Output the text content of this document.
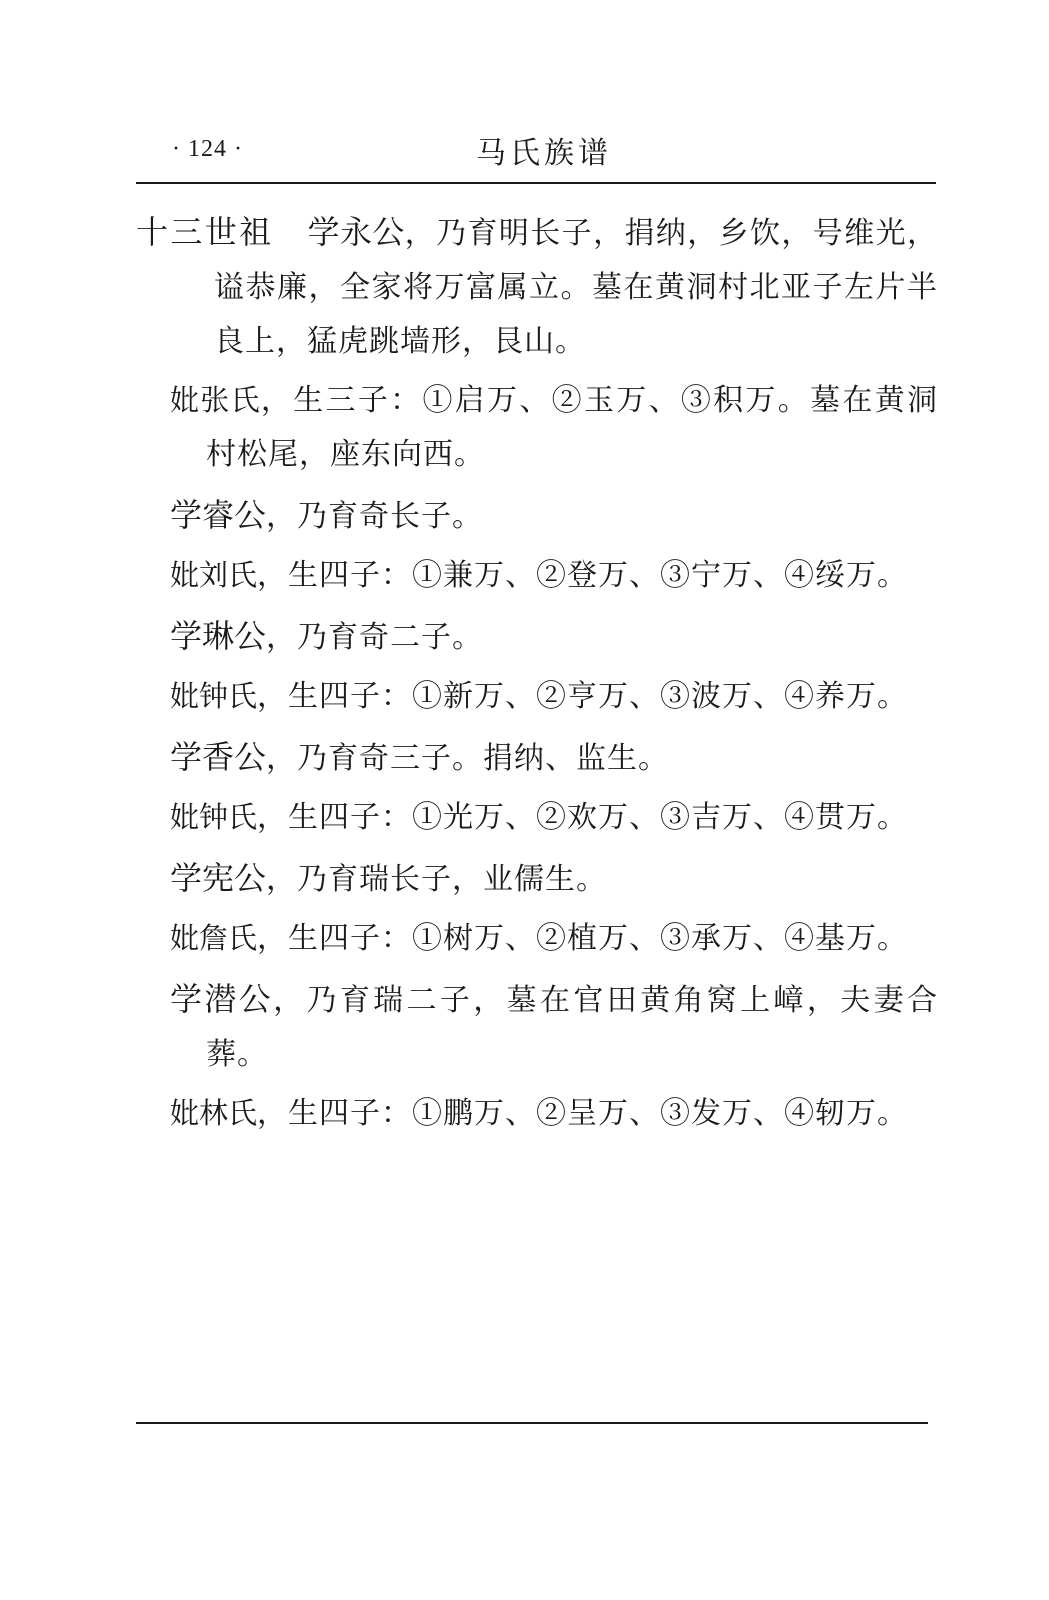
· 124 ·	马氏族谱

十三世祖 学永公，乃育明长子，捐纳，乡饮，号维光，谥恭廉，全家将万富属立。墓在黄洞村北亚子左片半良上，猛虎跳墙形，艮山。

妣张氏，生三子：①启万、②玉万、③积万。墓在黄洞村松尾，座东向西。

学睿公，乃育奇长子。

妣刘氏，生四子：①兼万、②登万、③宁万、④绥万。

学琳公，乃育奇二子。

妣钟氏，生四子：①新万、②亨万、③波万、④养万。

学香公，乃育奇三子。捐纳、监生。

妣钟氏，生四子：①光万、②欢万、③吉万、④贯万。

学宪公，乃育瑞长子，业儒生。

妣詹氏，生四子：①树万、②植万、③承万、④基万。

学潜公，乃育瑞二子，墓在官田黄角窝上嶂，夫妻合葬。

妣林氏，生四子：①鹏万、②呈万、③发万、④轫万。
